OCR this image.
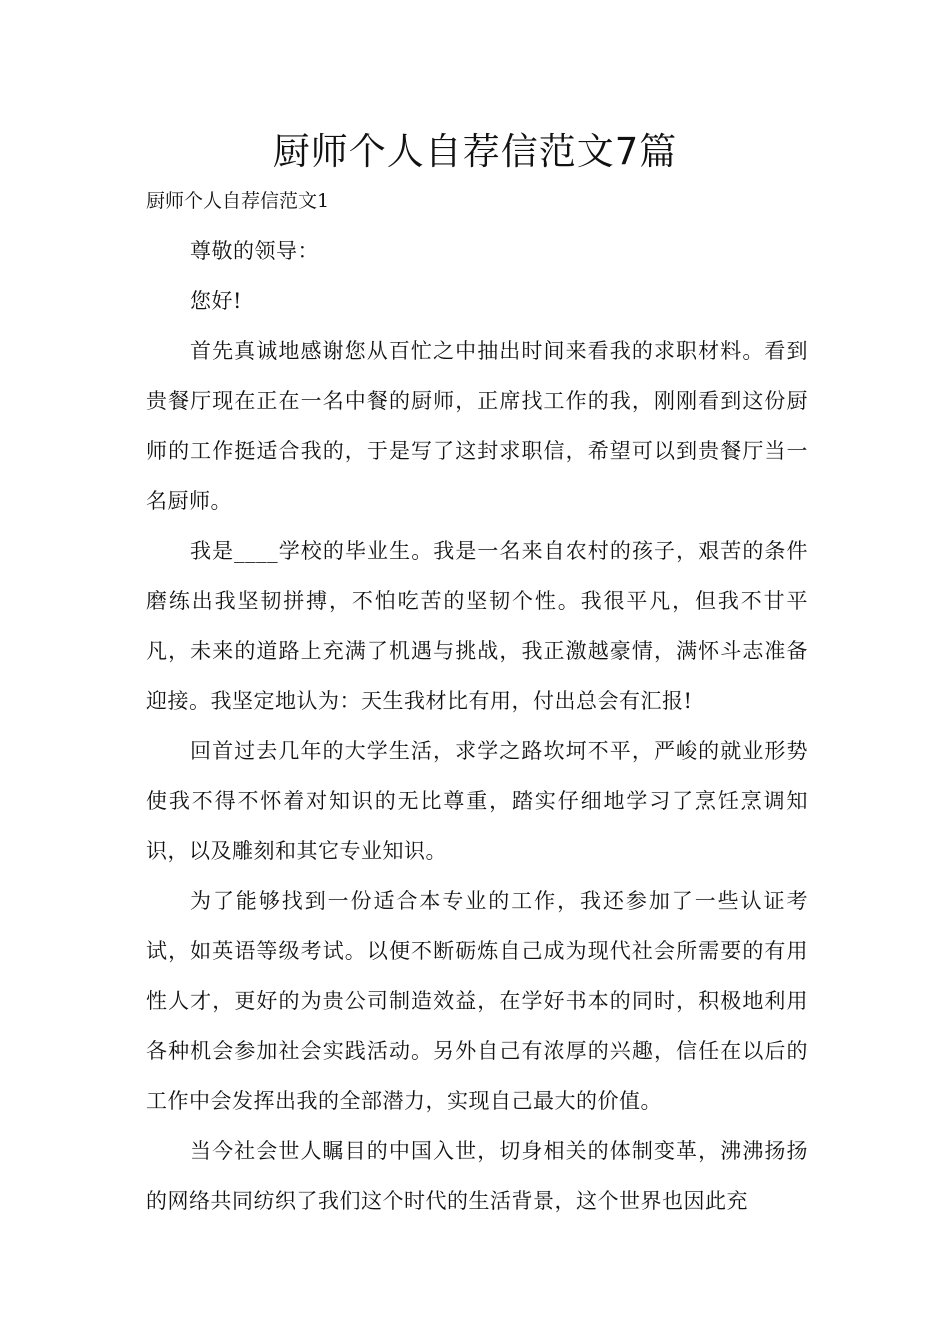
厨师个人自荐信范文7篇

厨师个人自荐信范文1

尊敬的领导：

您好!

首先真诚地感谢您从百忙之中抽出时间来看我的求职材料。看到贵餐厅现在正在一名中餐的厨师，正席找工作的我，刚刚看到这份厨师的工作挺适合我的，于是写了这封求职信，希望可以到贵餐厅当一名厨师。

我是____学校的毕业生。我是一名来自农村的孩子，艰苦的条件磨练出我坚韧拼搏，不怕吃苦的坚韧个性。我很平凡，但我不甘平凡，未来的道路上充满了机遇与挑战，我正激越豪情，满怀斗志准备迎接。我坚定地认为：天生我材比有用，付出总会有汇报!

回首过去几年的大学生活，求学之路坎坷不平，严峻的就业形势使我不得不怀着对知识的无比尊重，踏实仔细地学习了烹饪烹调知识，以及雕刻和其它专业知识。

为了能够找到一份适合本专业的工作，我还参加了一些认证考试，如英语等级考试。以便不断砺炼自己成为现代社会所需要的有用性人才，更好的为贵公司制造效益，在学好书本的同时，积极地利用各种机会参加社会实践活动。另外自己有浓厚的兴趣，信任在以后的工作中会发挥出我的全部潜力，实现自己最大的价值。

当今社会世人瞩目的中国入世，切身相关的体制变革，沸沸扬扬的网络共同纺织了我们这个时代的生活背景，这个世界也因此充
